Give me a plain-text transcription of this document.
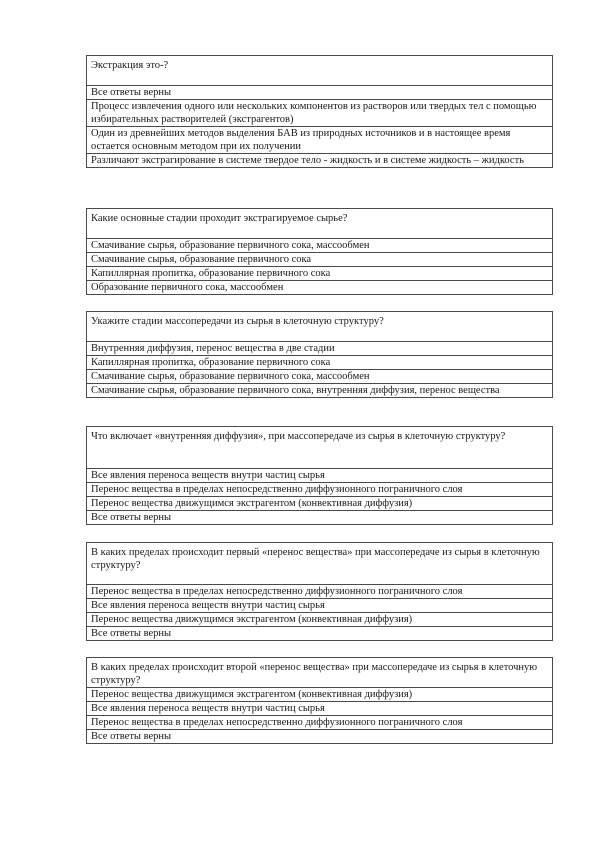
Экстракция это-?
Все ответы верны
Процесс извлечения одного или нескольких компонентов из растворов или твердых тел с помощью избирательных растворителей (экстрагентов)
Один из древнейших методов выделения БАВ из природных источников и в настоящее время остается основным методом при их получении
Различают экстрагирование в системе твердое тело - жидкость и в системе жидкость – жидкость
Какие основные стадии проходит экстрагируемое сырье?
Смачивание сырья, образование первичного сока, массообмен
Смачивание сырья, образование первичного сока
Капиллярная пропитка, образование первичного сока
Образование первичного сока, массообмен
Укажите стадии массопередачи из сырья в клеточную структуру?
Внутренняя диффузия, перенос вещества в две стадии
Капиллярная пропитка, образование первичного сока
Смачивание сырья, образование первичного сока, массообмен
Смачивание сырья, образование первичного сока, внутренняя диффузия, перенос вещества
Что включает «внутренняя диффузия», при массопередаче из сырья в клеточную структуру?
Все явления переноса веществ внутри частиц сырья
Перенос вещества в пределах непосредственно диффузионного пограничного слоя
Перенос вещества движущимся экстрагентом (конвективная диффузия)
Все ответы верны
В каких пределах происходит первый «перенос вещества» при массопередаче из сырья в клеточную структуру?
Перенос вещества в пределах непосредственно диффузионного пограничного слоя
Все явления переноса веществ внутри частиц сырья
Перенос вещества движущимся экстрагентом (конвективная диффузия)
Все ответы верны
В каких пределах происходит второй «перенос вещества» при массопередаче из сырья в клеточную структуру?
Перенос вещества движущимся экстрагентом (конвективная диффузия)
Все явления переноса веществ внутри частиц сырья
Перенос вещества в пределах непосредственно диффузионного пограничного слоя
Все ответы верны
